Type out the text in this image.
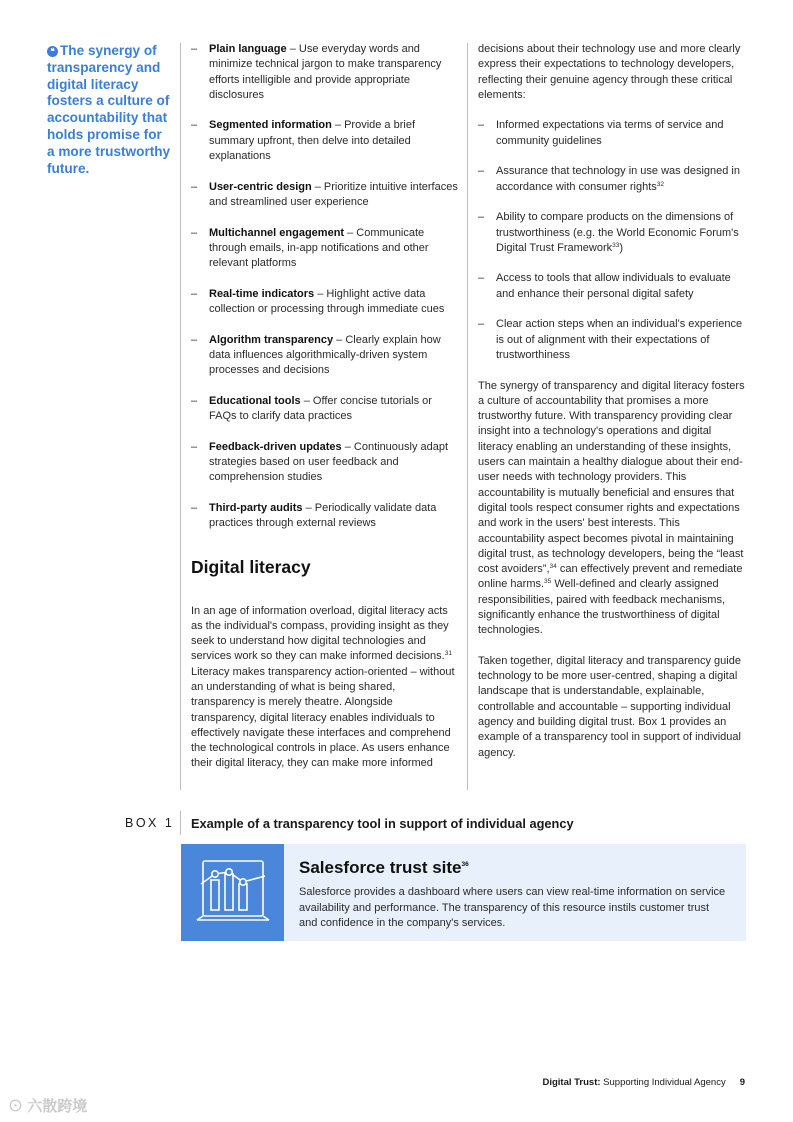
❝ The synergy of transparency and digital literacy fosters a culture of accountability that holds promise for a more trustworthy future.
– Plain language – Use everyday words and minimize technical jargon to make transparency efforts intelligible and provide appropriate disclosures
– Segmented information – Provide a brief summary upfront, then delve into detailed explanations
– User-centric design – Prioritize intuitive interfaces and streamlined user experience
– Multichannel engagement – Communicate through emails, in-app notifications and other relevant platforms
– Real-time indicators – Highlight active data collection or processing through immediate cues
– Algorithm transparency – Clearly explain how data influences algorithmically-driven system processes and decisions
– Educational tools – Offer concise tutorials or FAQs to clarify data practices
– Feedback-driven updates – Continuously adapt strategies based on user feedback and comprehension studies
– Third-party audits – Periodically validate data practices through external reviews
Digital literacy
In an age of information overload, digital literacy acts as the individual's compass, providing insight as they seek to understand how digital technologies and services work so they can make informed decisions.$^{31}$ Literacy makes transparency action-oriented – without an understanding of what is being shared, transparency is merely theatre. Alongside transparency, digital literacy enables individuals to effectively navigate these interfaces and comprehend the technological controls in place. As users enhance their digital literacy, they can make more informed
decisions about their technology use and more clearly express their expectations to technology developers, reflecting their genuine agency through these critical elements:
– Informed expectations via terms of service and community guidelines
– Assurance that technology in use was designed in accordance with consumer rights$^{32}$
– Ability to compare products on the dimensions of trustworthiness (e.g. the World Economic Forum's Digital Trust Framework$^{33}$)
– Access to tools that allow individuals to evaluate and enhance their personal digital safety
– Clear action steps when an individual's experience is out of alignment with their expectations of trustworthiness
The synergy of transparency and digital literacy fosters a culture of accountability that promises a more trustworthy future. With transparency providing clear insight into a technology's operations and digital literacy enabling an understanding of these insights, users can maintain a healthy dialogue about their end-user needs with technology providers. This accountability is mutually beneficial and ensures that digital tools respect consumer rights and expectations and work in the users' best interests. This accountability aspect becomes pivotal in maintaining digital trust, as technology developers, being the “least cost avoiders”,$^{34}$ can effectively prevent and remediate online harms.$^{35}$ Well-defined and clearly assigned responsibilities, paired with feedback mechanisms, significantly enhance the trustworthiness of digital technologies.
Taken together, digital literacy and transparency guide technology to be more user-centred, shaping a digital landscape that is understandable, explainable, controllable and accountable – supporting individual agency and building digital trust. Box 1 provides an example of a transparency tool in support of individual agency.
BOX 1 Example of a transparency tool in support of individual agency
Salesforce trust site$^{36}$
Salesforce provides a dashboard where users can view real-time information on service availability and performance. The transparency of this resource instils customer trust and confidence in the company's services.
Digital Trust: Supporting Individual Agency 9
⊙ 六散跨境
